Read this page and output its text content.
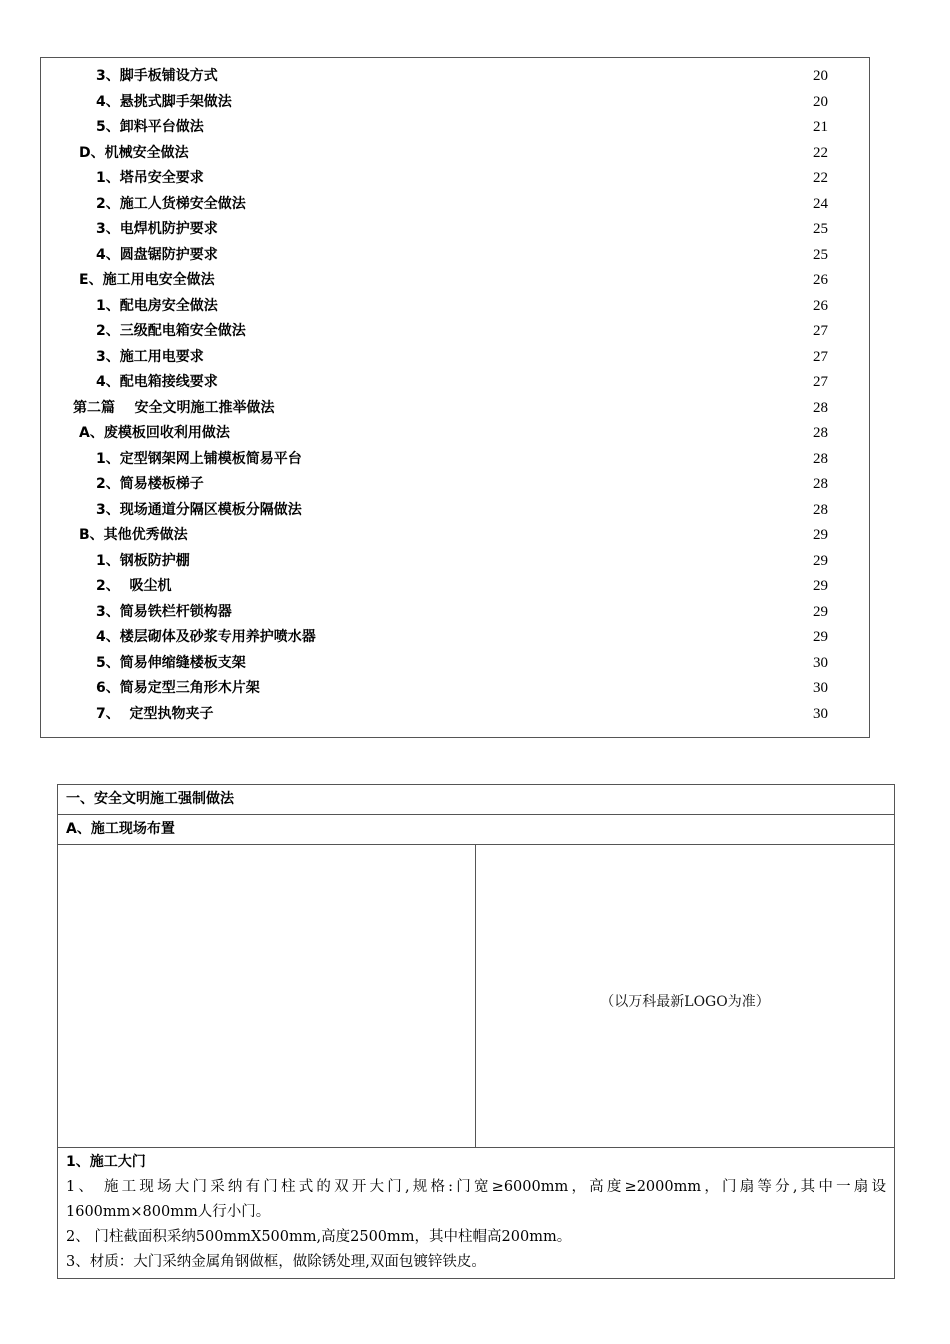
3、脚手板铺设方式	20
4、悬挑式脚手架做法	20
5、卸料平台做法	21
D、机械安全做法	22
1、塔吊安全要求	22
2、施工人货梯安全做法	24
3、电焊机防护要求	25
4、圆盘锯防护要求	25
E、施工用电安全做法	26
1、配电房安全做法	26
2、三级配电箱安全做法	27
3、施工用电要求	27
4、配电箱接线要求	27
第二篇    安全文明施工推举做法	28
A、废模板回收利用做法	28
1、定型钢架网上铺模板简易平台	28
2、简易楼板梯子	28
3、现场通道分隔区模板分隔做法	28
B、其他优秀做法	29
1、钢板防护棚	29
2、  吸尘机	29
3、简易铁栏杆锁构器	29
4、楼层砌体及砂浆专用养护喷水器	29
5、简易伸缩缝楼板支架	30
6、简易定型三角形木片架	30
7、  定型执物夹子	30
一、安全文明施工强制做法
A、施工现场布置
（以万科最新LOGO为准）
1、施工大门

1、 施工现场大门采纳有门柱式的双开大门,规格:门宽≥6000mm，高度≥2000mm，门扇等分,其中一扇设1600mm×800mm人行小门。

2、 门柱截面积采纳500mmX500mm,高度2500mm，其中柱帽高200mm。

3、材质：大门采纳金属角钢做框，做除锈处理,双面包镀锌铁皮。
